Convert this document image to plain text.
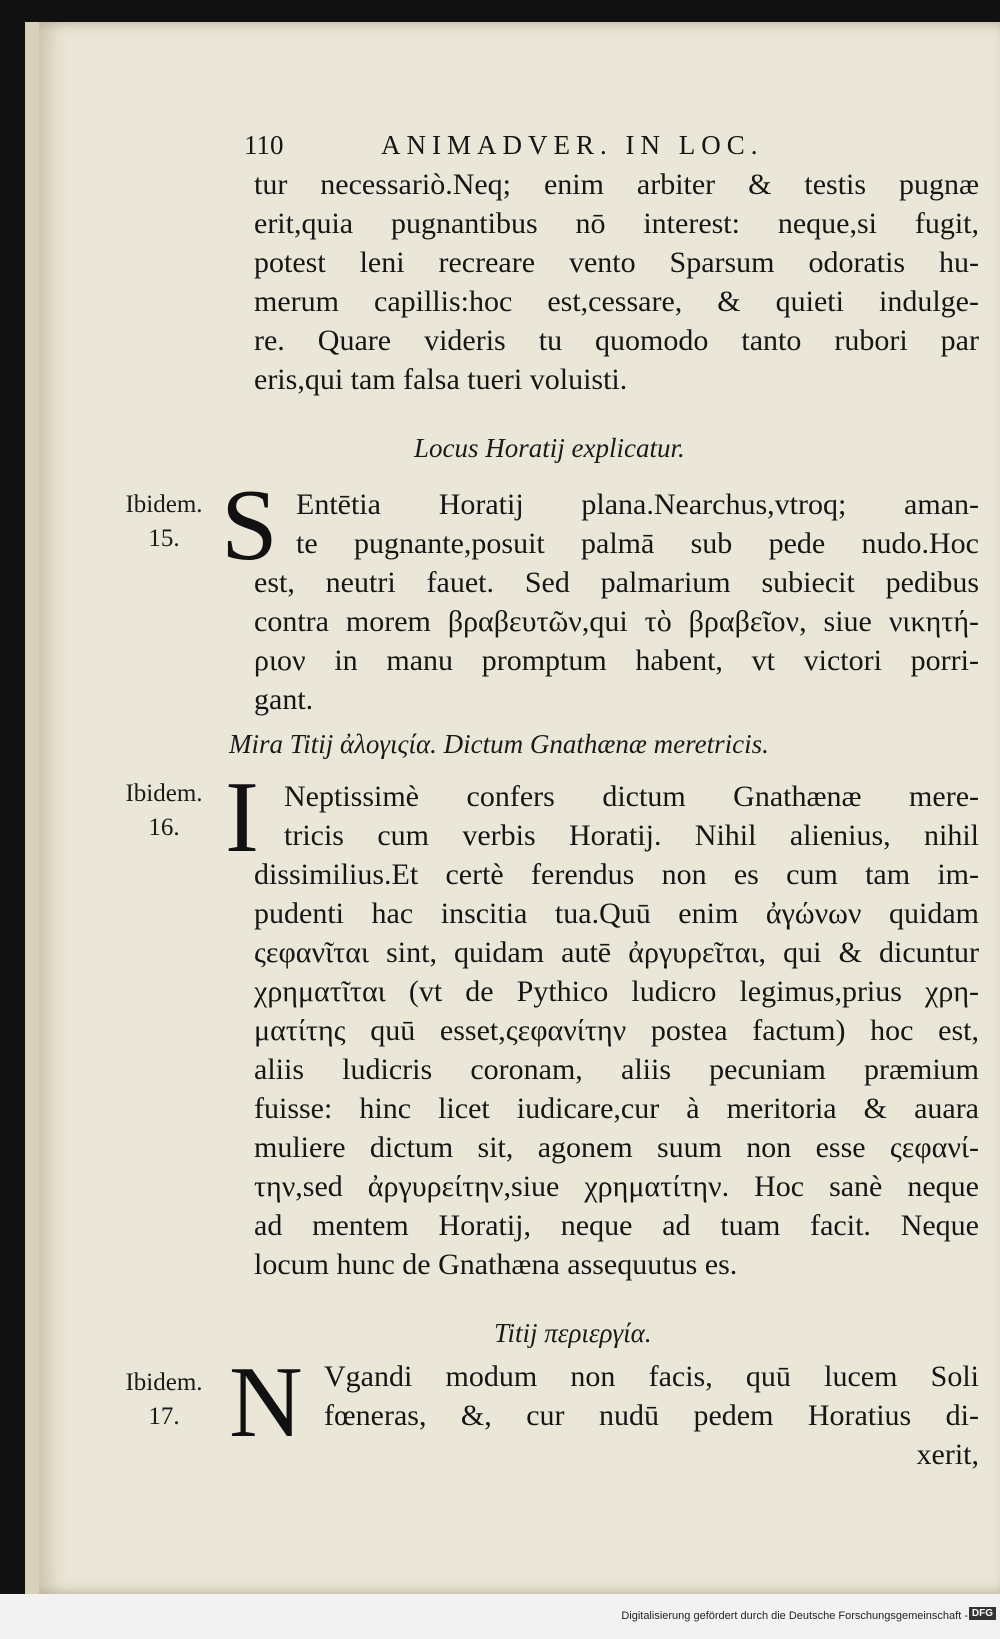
110	ANIMADVER. IN LOC.
tur necessariò.Neq; enim arbiter & testis pugnæ
erit,quia pugnantibus nō interest: neque,si fugit,
potest leni recreare vento Sparsum odoratis hu-
merum capillis:hoc est,cessare, & quieti indulge-
re. Quare videris tu quomodo tanto rubori par
eris,qui tam falsa tueri voluisti.
Locus Horatij explicatur.
Ibidem.
15. S Entētia Horatij plana.Nearchus,vtroq; aman-
te pugnante,posuit palmā sub pede nudo.Hoc
est, neutri fauet. Sed palmarium subiecit pedibus
contra morem βραβευτῶν,qui τὸ βραβεῖον, siue νικητή-
ριον in manu promptum habent, vt victori porri-
gant.
Mira Titij ἀλογιςία. Dictum Gnathænæ meretricis.
Ibidem.
16. I Neptissimè confers dictum Gnathænæ mere-
tricis cum verbis Horatij. Nihil alienius, nihil
dissimilius.Et certè ferendus non es cum tam im-
pudenti hac inscitia tua.Quū enim ἀγώνων quidam
ςεφανῖται sint, quidam autē ἀργυρεῖται, qui & dicuntur
χρηματῖται (vt de Pythico ludicro legimus,prius χρη-
ματίτης quū esset,ςεφανίτην postea factum) hoc est,
aliis ludicris coronam, aliis pecuniam præmium
fuisse: hinc licet iudicare,cur à meritoria & auara
muliere dictum sit, agonem suum non esse ςεφανί-
την,sed ἀργυρείτην,siue χρηματίτην. Hoc sanè neque
ad mentem Horatij, neque ad tuam facit. Neque
locum hunc de Gnathæna assequutus es.
Titij περιεργία.
Ibidem.
17. N Vgandi modum non facis, quū lucem Soli
fœneras, &, cur nudū pedem Horatius di-
xerit,
Digitalisierung gefördert durch die Deutsche Forschungsgemeinschaft - DFG
